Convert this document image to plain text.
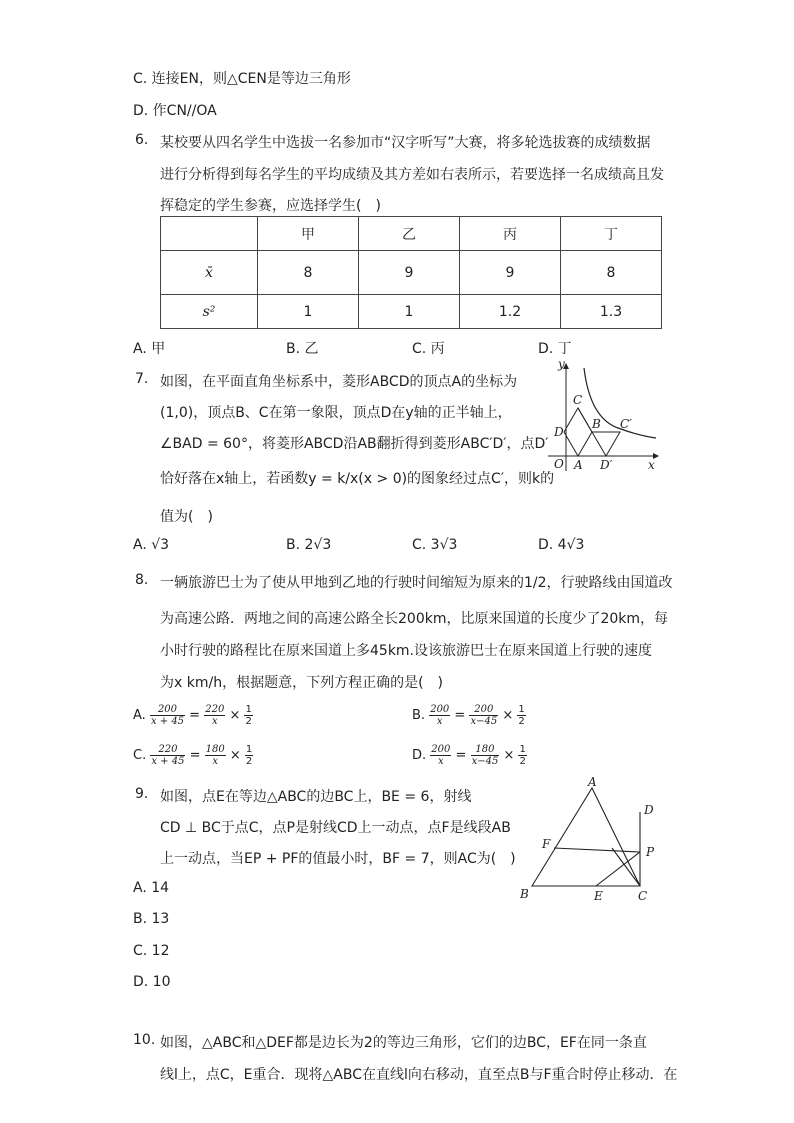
C. 连接EN，则△CEN是等边三角形
D. 作CN//OA
6. 某校要从四名学生中选拔一名参加市“汉字听写”大赛，将多轮选拔赛的成绩数据
进行分析得到每名学生的平均成绩及其方差如右表所示，若要选择一名成绩高且发
挥稳定的学生参赛，应选择学生(　)
	甲	乙	丙	丁
x̄	8	9	9	8
s²	1	1	1.2	1.3
A. 甲	B. 乙	C. 丙	D. 丁
7. 如图，在平面直角坐标系中，菱形ABCD的顶点A的坐标为
(1,0)，顶点B、C在第一象限，顶点D在y轴的正半轴上，
∠BAD = 60°，将菱形ABCD沿AB翻折得到菱形ABC′D′，点D′
恰好落在x轴上，若函数y = k/x(x > 0)的图象经过点C′，则k的
值为(　)
y
C
D
B C′
O A D′	x
A. √3	B. 2√3	C. 3√3	D. 4√3
8. 一辆旅游巴士为了使从甲地到乙地的行驶时间缩短为原来的1/2，行驶路线由国道改
为高速公路．两地之间的高速公路全长200km，比原来国道的长度少了20km，每
小时行驶的路程比在原来国道上多45km.设该旅游巴士在原来国道上行驶的速度
为x km/h，根据题意，下列方程正确的是(　)
A. $\frac{200}{x + 45} = \frac{220}{x} \times \frac{1}{2}$	B. $\frac{200}{x} = \frac{200}{x-45} \times \frac{1}{2}$
C. $\frac{220}{x + 45} = \frac{180}{x} \times \frac{1}{2}$	D. $\frac{200}{x} = \frac{180}{x-45} \times \frac{1}{2}$
9. 如图，点E在等边△ABC的边BC上，BE = 6，射线
CD ⊥ BC于点C，点P是射线CD上一动点，点F是线段AB
上一动点，当EP + PF的值最小时，BF = 7，则AC为(　)
A. 14
B. 13
C. 12
D. 10
A
D
F
P
B	E	C
10. 如图，△ABC和△DEF都是边长为2的等边三角形，它们的边BC，EF在同一条直
线l上，点C，E重合．现将△ABC在直线l向右移动，直至点B与F重合时停止移动．在
